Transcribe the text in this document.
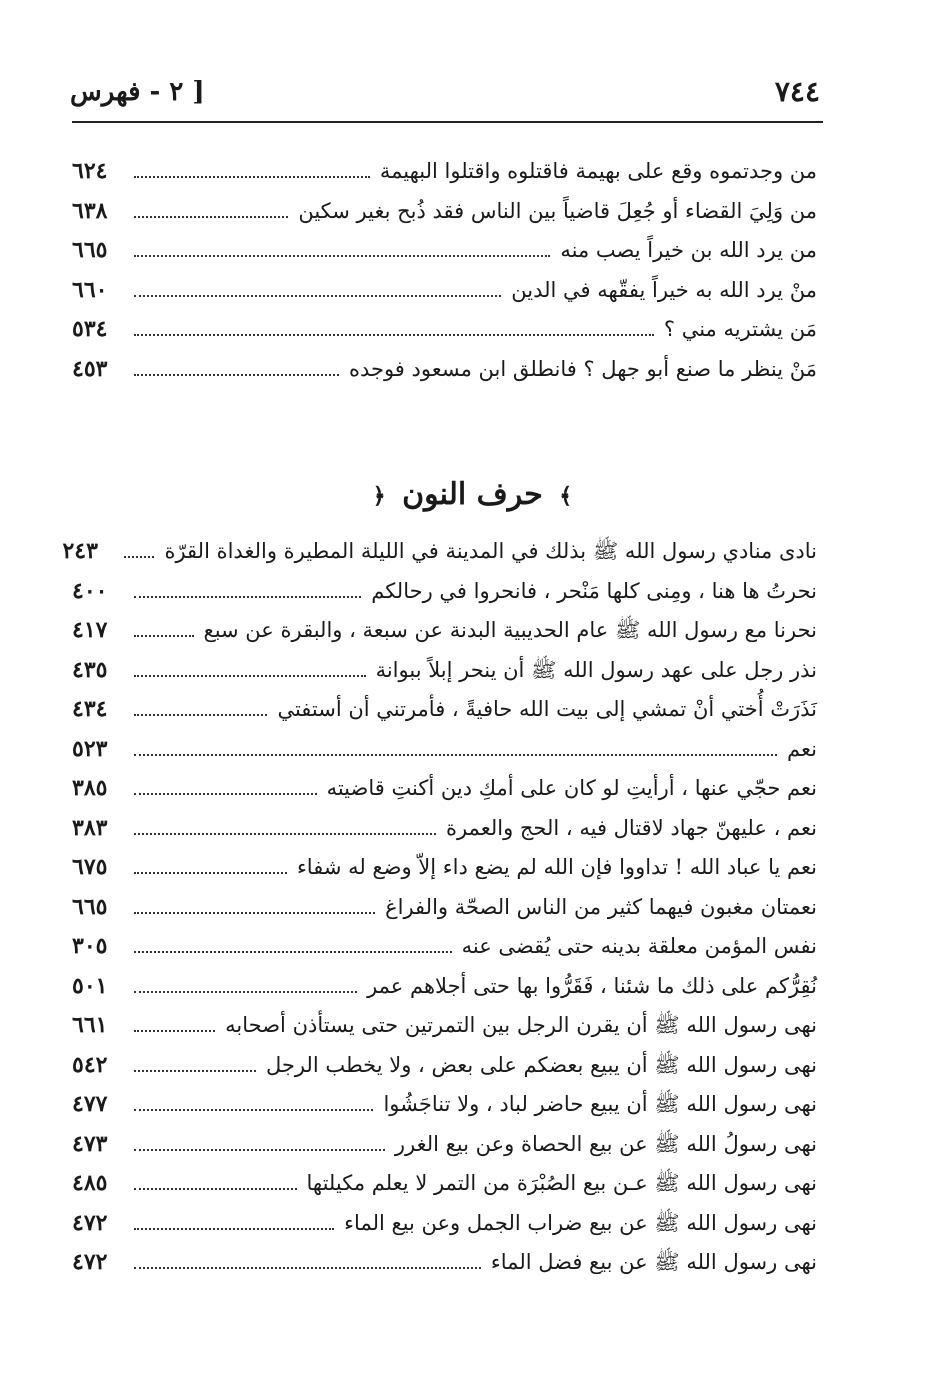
٧٤٤
[ ٢ - فهرس
من وجدتموه وقع على بهيمة فاقتلوه واقتلوا البهيمة
٦٢٤
من وَلِيَ القضاء أو جُعِلَ قاضياً بين الناس فقد ذُبح بغير سكين
٦٣٨
من يرد الله بن خيراً يصب منه
٦٦٥
منْ يرد الله به خيراً يفقّهه في الدين
٦٦٠
مَن يشتريه مني ؟
٥٣٤
مَنْ ينظر ما صنع أبو جهل ؟ فانطلق ابن مسعود فوجده
٤٥٣
﴾ حرف النون ﴿
نادى منادي رسول الله ﷺ بذلك في المدينة في الليلة المطيرة والغداة القرّة
٢٤٣
نحرتُ ها هنا ، ومِنى كلها مَنْحر ، فانحروا في رحالكم
٤٠٠
نحرنا مع رسول الله ﷺ عام الحديبية البدنة عن سبعة ، والبقرة عن سبع
٤١٧
نذر رجل على عهد رسول الله ﷺ أن ينحر إبلاً ببوانة
٤٣٥
نَذَرَتْ أُختي أنْ تمشي إلى بيت الله حافيةً ، فأمرتني أن أستفتي
٤٣٤
نعم
٥٢٣
نعم حجّي عنها ، أرأيتِ لو كان على أمكِ دين أكنتِ قاضيته
٣٨٥
نعم ، عليهنّ جهاد لاقتال فيه ، الحج والعمرة
٣٨٣
نعم يا عباد الله ! تداووا فإن الله لم يضع داء إلاّ وضع له شفاء
٦٧٥
نعمتان مغبون فيهما كثير من الناس الصحّة والفراغ
٦٦٥
نفس المؤمن معلقة بدينه حتى يُقضى عنه
٣٠٥
نُقِرُّكم على ذلك ما شئنا ، فَقَرُّوا بها حتى أجلاهم عمر
٥٠١
نهى رسول الله ﷺ أن يقرن الرجل بين التمرتين حتى يستأذن أصحابه
٦٦١
نهى رسول الله ﷺ أن يبيع بعضكم على بعض ، ولا يخطب الرجل
٥٤٢
نهى رسول الله ﷺ أن يبيع حاضر لباد ، ولا تناجَشُوا
٤٧٧
نهى رسولُ الله ﷺ عن بيع الحصاة وعن بيع الغرر
٤٧٣
نهى رسول الله ﷺ عـن بيع الصُبْرَة من التمر لا يعلم مكيلتها
٤٨٥
نهى رسول الله ﷺ عن بيع ضراب الجمل وعن بيع الماء
٤٧٢
نهى رسول الله ﷺ عن بيع فضل الماء
٤٧٢
